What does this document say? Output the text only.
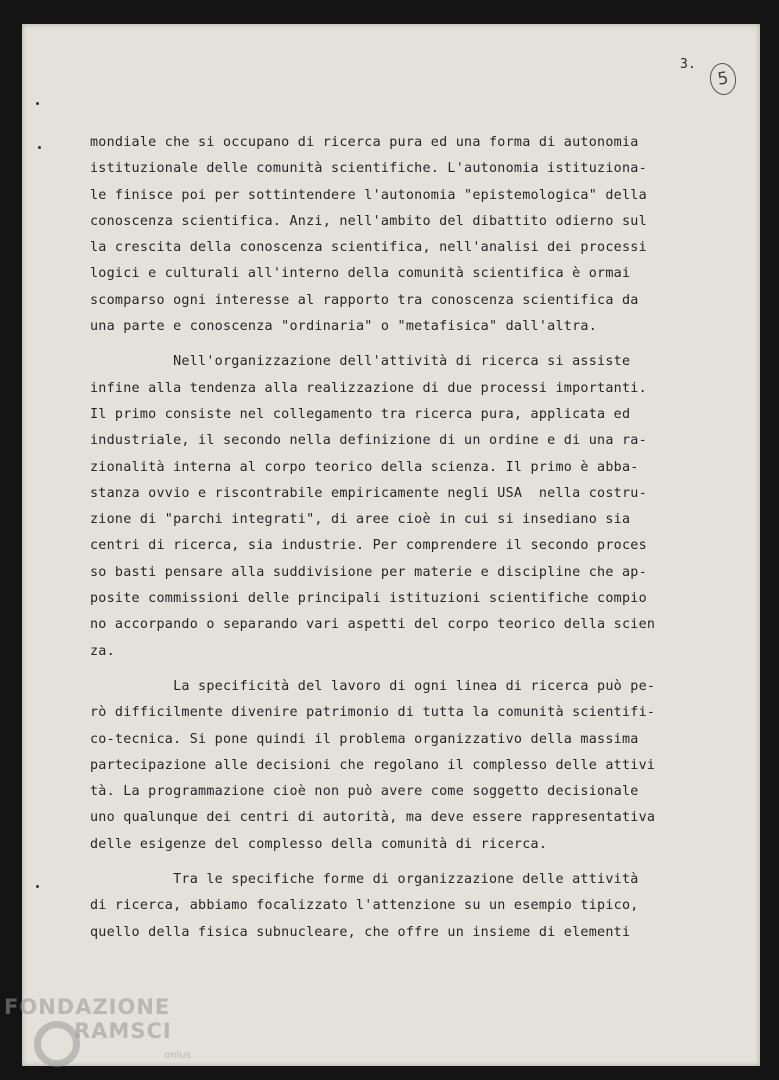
3.
5
mondiale che si occupano di ricerca pura ed una forma di autonomia
istituzionale delle comunità scientifiche. L'autonomia istituziona-
le finisce poi per sottintendere l'autonomia "epistemologica" della
conoscenza scientifica. Anzi, nell'ambito del dibattito odierno sul
la crescita della conoscenza scientifica, nell'analisi dei processi
logici e culturali all'interno della comunità scientifica è ormai
scomparso ogni interesse al rapporto tra conoscenza scientifica da
una parte e conoscenza "ordinaria" o "metafisica" dall'altra.
Nell'organizzazione dell'attività di ricerca si assiste
infine alla tendenza alla realizzazione di due processi importanti.
Il primo consiste nel collegamento tra ricerca pura, applicata ed
industriale, il secondo nella definizione di un ordine e di una ra-
zionalità interna al corpo teorico della scienza. Il primo è abba-
stanza ovvio e riscontrabile empiricamente negli USA  nella costru-
zione di "parchi integrati", di aree cioè in cui si insediano sia
centri di ricerca, sia industrie. Per comprendere il secondo proces
so basti pensare alla suddivisione per materie e discipline che ap-
posite commissioni delle principali istituzioni scientifiche compio
no accorpando o separando vari aspetti del corpo teorico della scien
za.
La specificità del lavoro di ogni linea di ricerca può pe-
rò difficilmente divenire patrimonio di tutta la comunità scientifi-
co-tecnica. Si pone quindi il problema organizzativo della massima
partecipazione alle decisioni che regolano il complesso delle attivi
tà. La programmazione cioè non può avere come soggetto decisionale
uno qualunque dei centri di autorità, ma deve essere rappresentativa
delle esigenze del complesso della comunità di ricerca.
Tra le specifiche forme di organizzazione delle attività
di ricerca, abbiamo focalizzato l'attenzione su un esempio tipico,
quello della fisica subnucleare, che offre un insieme di elementi
FONDAZIONE
RAMSCI
onlus
